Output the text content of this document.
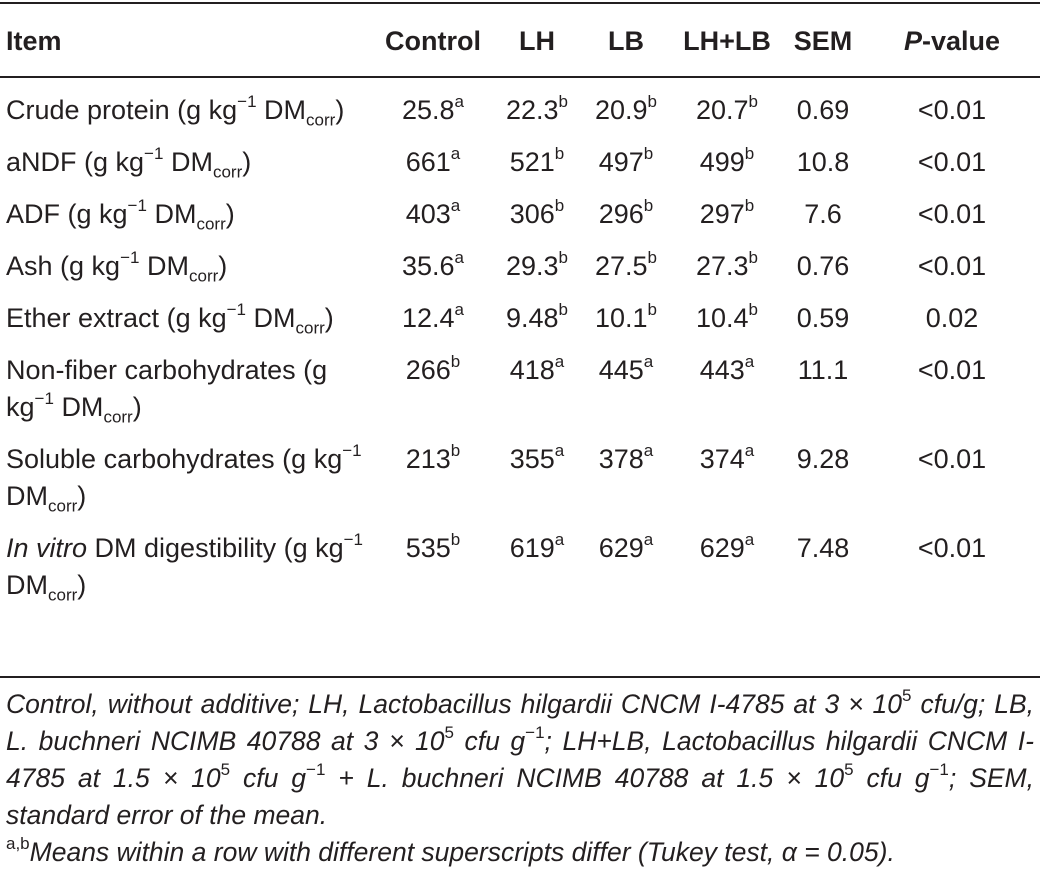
Item	Control	LH	LB	LH+LB	SEM	P-value
Crude protein (g $kg^{-1}$ $DM_{corr}$)	25.8$^a$	22.3$^b$	20.9$^b$	20.7$^b$	0.69	<0.01
aNDF (g $kg^{-1}$ $DM_{corr}$)	661$^a$	521$^b$	497$^b$	499$^b$	10.8	<0.01
ADF (g $kg^{-1}$ $DM_{corr}$)	403$^a$	306$^b$	296$^b$	297$^b$	7.6	<0.01
Ash (g $kg^{-1}$ $DM_{corr}$)	35.6$^a$	29.3$^b$	27.5$^b$	27.3$^b$	0.76	<0.01
Ether extract (g $kg^{-1}$ $DM_{corr}$)	12.4$^a$	9.48$^b$	10.1$^b$	10.4$^b$	0.59	0.02
Non-fiber carbohydrates (g $kg^{-1}$ $DM_{corr}$)	266$^b$	418$^a$	445$^a$	443$^a$	11.1	<0.01
Soluble carbohydrates (g $kg^{-1}$ $DM_{corr}$)	213$^b$	355$^a$	378$^a$	374$^a$	9.28	<0.01
In vitro DM digestibility (g $kg^{-1}$ $DM_{corr}$)	535$^b$	619$^a$	629$^a$	629$^a$	7.48	<0.01
Control, without additive; LH, Lactobacillus hilgardii CNCM I-4785 at $3 \times 10^5$ cfu/g; LB, L. buchneri NCIMB 40788 at $3 \times 10^5$ cfu $g^{-1}$; LH+LB, Lactobacillus hilgardii CNCM I-4785 at $1.5 \times 10^5$ cfu $g^{-1} + L$. buchneri NCIMB 40788 at $1.5 \times 10^5$ cfu $g^{-1}$; SEM, standard error of the mean.
$^{a,b}$Means within a row with different superscripts differ (Tukey test, α = 0.05).
